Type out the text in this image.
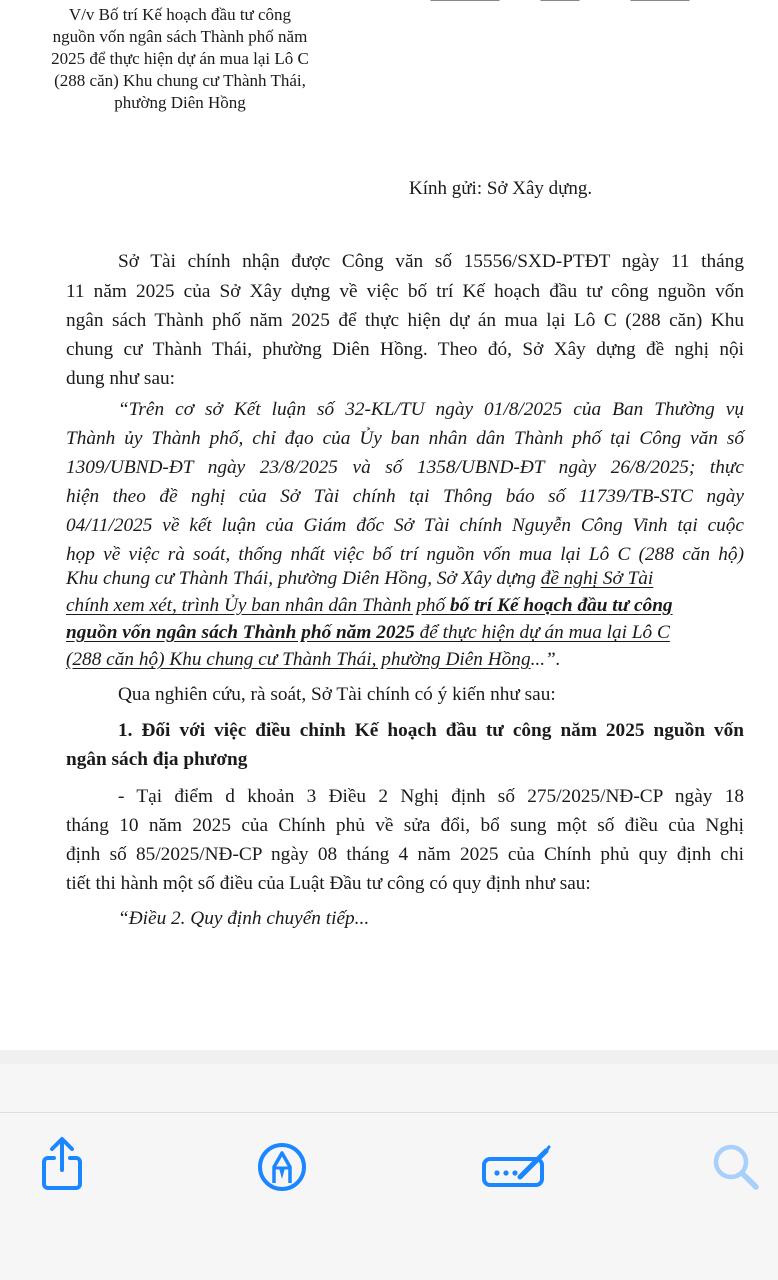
V/v Bố trí Kế hoạch đầu tư công
nguồn vốn ngân sách Thành phố năm
2025 để thực hiện dự án mua lại Lô C
(288 căn) Khu chung cư Thành Thái,
phường Diên Hồng
Kính gửi: Sở Xây dựng.
Sở Tài chính nhận được Công văn số 15556/SXD-PTĐT ngày 11 tháng
11 năm 2025 của Sở Xây dựng về việc bố trí Kế hoạch đầu tư công nguồn vốn
ngân sách Thành phố năm 2025 để thực hiện dự án mua lại Lô C (288 căn) Khu
chung cư Thành Thái, phường Diên Hồng. Theo đó, Sở Xây dựng đề nghị nội
dung như sau:
“Trên cơ sở Kết luận số 32-KL/TU ngày 01/8/2025 của Ban Thường vụ
Thành ủy Thành phố, chỉ đạo của Ủy ban nhân dân Thành phố tại Công văn số
1309/UBND-ĐT ngày 23/8/2025 và số 1358/UBND-ĐT ngày 26/8/2025; thực
hiện theo đề nghị của Sở Tài chính tại Thông báo số 11739/TB-STC ngày
04/11/2025 về kết luận của Giám đốc Sở Tài chính Nguyễn Công Vinh tại cuộc
họp về việc rà soát, thống nhất việc bố trí nguồn vốn mua lại Lô C (288 căn hộ)
Khu chung cư Thành Thái, phường Diên Hồng, Sở Xây dựng đề nghị Sở Tài
chính xem xét, trình Ủy ban nhân dân Thành phố bố trí Kế hoạch đầu tư công
nguồn vốn ngân sách Thành phố năm 2025 để thực hiện dự án mua lại Lô C
(288 căn hộ) Khu chung cư Thành Thái, phường Diên Hồng...”.
Qua nghiên cứu, rà soát, Sở Tài chính có ý kiến như sau:
1. Đối với việc điều chỉnh Kế hoạch đầu tư công năm 2025 nguồn vốn
ngân sách địa phương
- Tại điểm d khoản 3 Điều 2 Nghị định số 275/2025/NĐ-CP ngày 18
tháng 10 năm 2025 của Chính phủ về sửa đổi, bổ sung một số điều của Nghị
định số 85/2025/NĐ-CP ngày 08 tháng 4 năm 2025 của Chính phủ quy định chi
tiết thi hành một số điều của Luật Đầu tư công có quy định như sau:
“Điều 2. Quy định chuyển tiếp...
